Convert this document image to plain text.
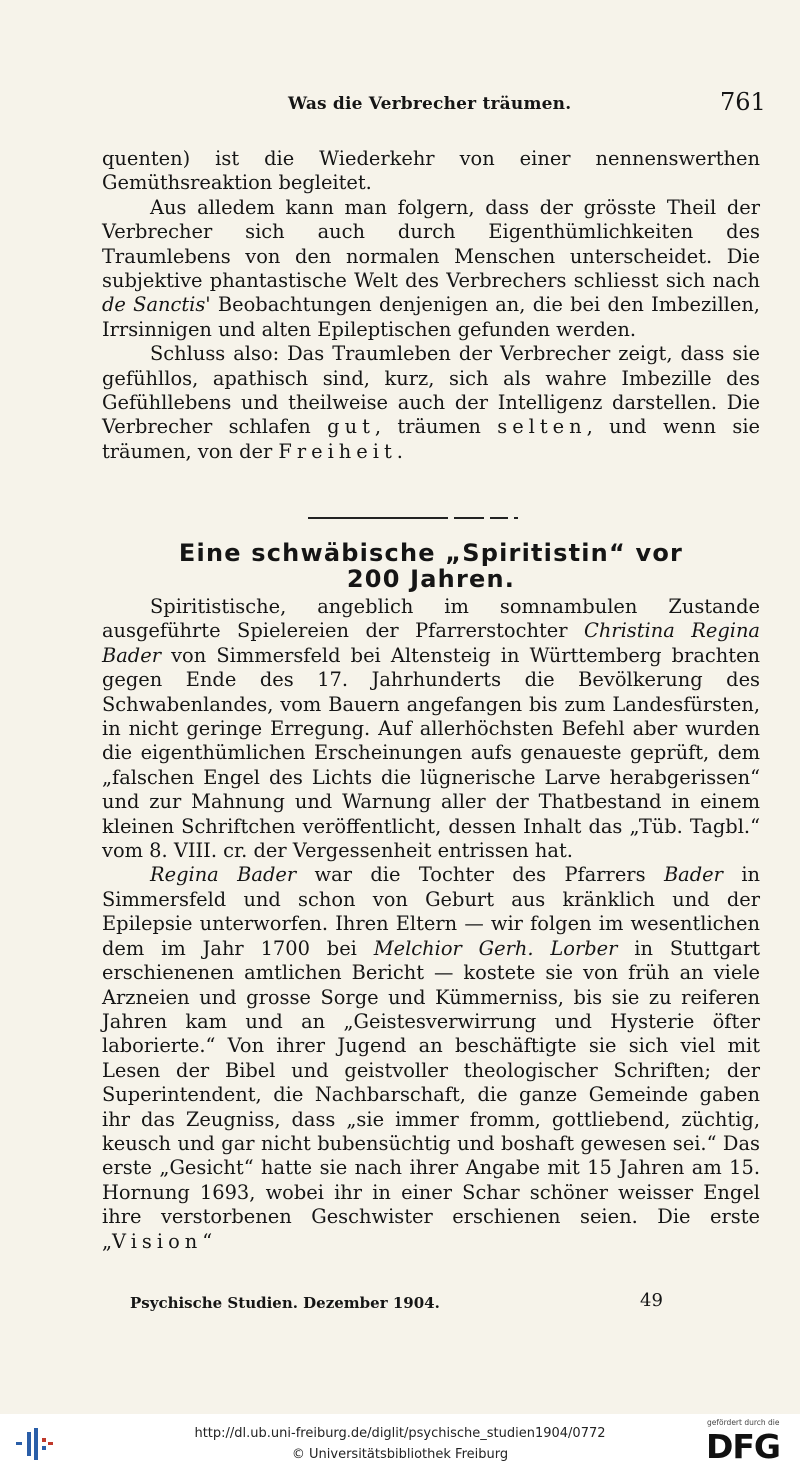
Was die Verbrecher träumen.	761

quenten) ist die Wiederkehr von einer nennenswerthen Gemüthsreaktion begleitet.

Aus alledem kann man folgern, dass der grösste Theil der Verbrecher sich auch durch Eigenthümlichkeiten des Traumlebens von den normalen Menschen unterscheidet. Die subjektive phantastische Welt des Verbrechers schliesst sich nach de Sanctis' Beobachtungen denjenigen an, die bei den Imbezillen, Irrsinnigen und alten Epileptischen gefunden werden.

Schluss also: Das Traumleben der Verbrecher zeigt, dass sie gefühllos, apathisch sind, kurz, sich als wahre Imbezille des Gefühllebens und theilweise auch der Intelligenz darstellen. Die Verbrecher schlafen gut, träumen selten, und wenn sie träumen, von der Freiheit.

Eine schwäbische „Spiritistin“ vor
200 Jahren.

Spiritistische, angeblich im somnambulen Zustande ausgeführte Spielereien der Pfarrerstochter Christina Regina Bader von Simmersfeld bei Altensteig in Württemberg brachten gegen Ende des 17. Jahrhunderts die Bevölkerung des Schwabenlandes, vom Bauern angefangen bis zum Landesfürsten, in nicht geringe Erregung. Auf allerhöchsten Befehl aber wurden die eigenthümlichen Erscheinungen aufs genaueste geprüft, dem „falschen Engel des Lichts die lügnerische Larve herabgerissen“ und zur Mahnung und Warnung aller der Thatbestand in einem kleinen Schriftchen veröffentlicht, dessen Inhalt das „Tüb. Tagbl.“ vom 8. VIII. cr. der Vergessenheit entrissen hat.

Regina Bader war die Tochter des Pfarrers Bader in Simmersfeld und schon von Geburt aus kränklich und der Epilepsie unterworfen. Ihren Eltern — wir folgen im wesentlichen dem im Jahr 1700 bei Melchior Gerh. Lorber in Stuttgart erschienenen amtlichen Bericht — kostete sie von früh an viele Arzneien und grosse Sorge und Kümmerniss, bis sie zu reiferen Jahren kam und an „Geistesverwirrung und Hysterie öfter laborierte.“ Von ihrer Jugend an beschäftigte sie sich viel mit Lesen der Bibel und geistvoller theologischer Schriften; der Superintendent, die Nachbarschaft, die ganze Gemeinde gaben ihr das Zeugniss, dass „sie immer fromm, gottliebend, züchtig, keusch und gar nicht bubensüchtig und boshaft gewesen sei.“ Das erste „Gesicht“ hatte sie nach ihrer Angabe mit 15 Jahren am 15. Hornung 1693, wobei ihr in einer Schar schöner weisser Engel ihre verstorbenen Geschwister erschienen seien. Die erste „Vision“

Psychische Studien. Dezember 1904.	49
http://dl.ub.uni-freiburg.de/diglit/psychische_studien1904/0772
© Universitätsbibliothek Freiburg
gefördert durch die
DFG
